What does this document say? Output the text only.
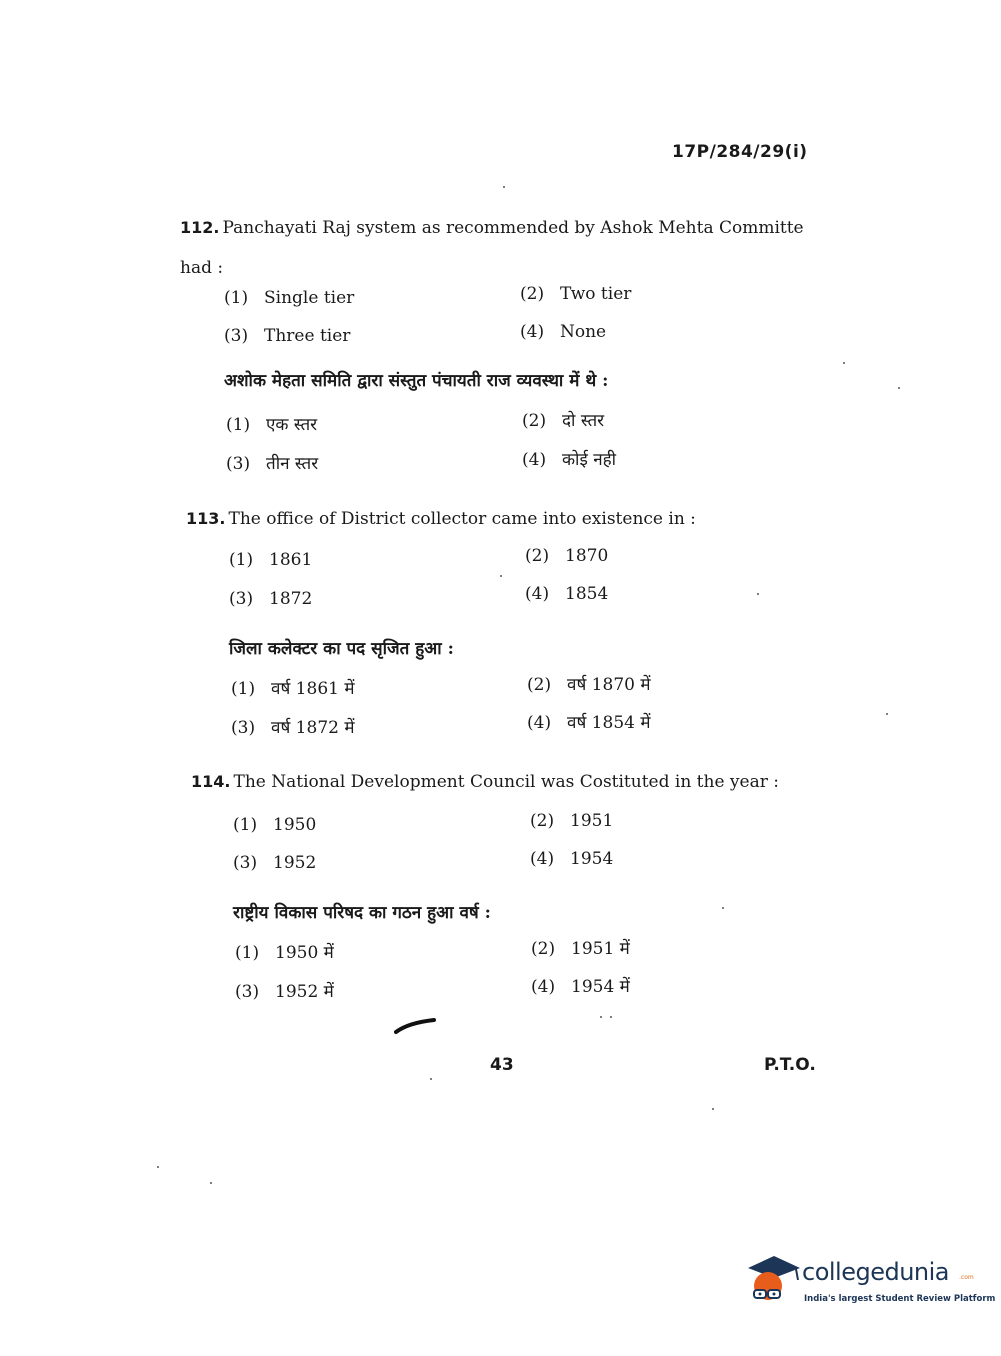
17P/284/29(i)
112. Panchayati Raj system as recommended by Ashok Mehta Committe had :
(1) Single tier	(2) Two tier
(3) Three tier	(4) None
अशोक मेहता समिति द्वारा संस्तुत पंचायती राज व्यवस्था में थे :
(1) एक स्तर	(2) दो स्तर
(3) तीन स्तर	(4) कोई नही
113. The office of District collector came into existence in :
(1) 1861	(2) 1870
(3) 1872	(4) 1854
जिला कलेक्टर का पद सृजित हुआ :
(1) वर्ष 1861 में	(2) वर्ष 1870 में
(3) वर्ष 1872 में	(4) वर्ष 1854 में
114. The National Development Council was Costituted in the year :
(1) 1950	(2) 1951
(3) 1952	(4) 1954
राष्ट्रीय विकास परिषद का गठन हुआ वर्ष :
(1) 1950 में	(2) 1951 में
(3) 1952 में	(4) 1954 में
43	P.T.O.
collegedunia .com
India's largest Student Review Platform
